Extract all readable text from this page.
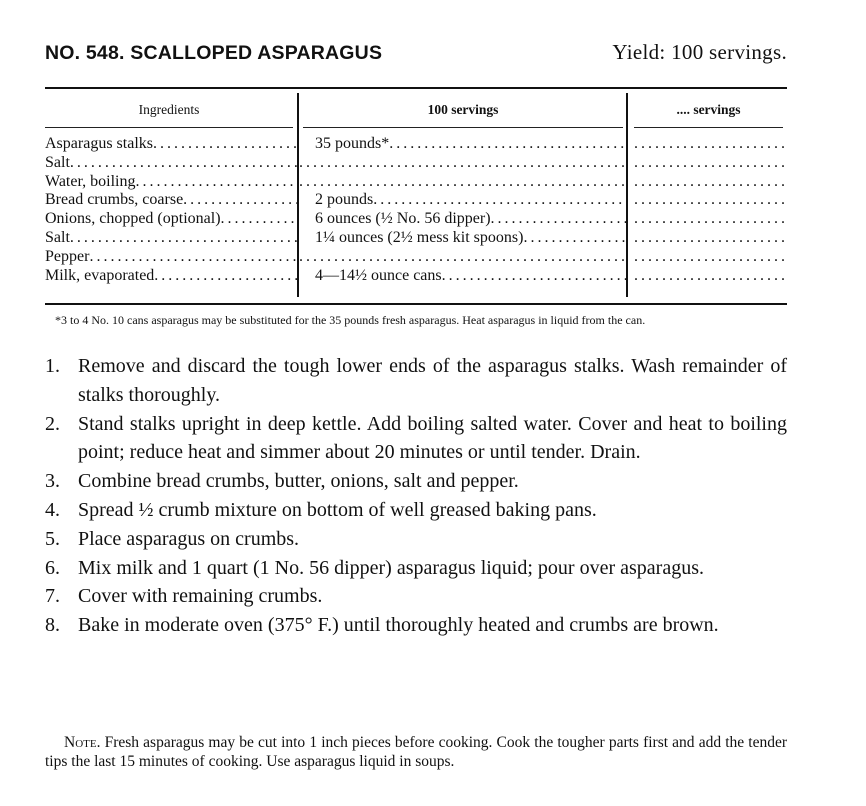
NO. 548. SCALLOPED ASPARAGUS	Yield: 100 servings.
Ingredients
Asparagus stalks
.....
Salt
.....
Water, boiling
.....
Bread crumbs, coarse
.....
Onions, chopped (optional)
.....
Salt
.....
Pepper
.....
Milk, evaporated
.....
100 servings
35 pounds*
.....
.....
.....
2 pounds
.....
6 ounces (½ No. 56 dipper)
.....
1¼ ounces (2½ mess kit spoons)
.....
.....
4—14½ ounce cans
.....
.... servings
.....
.....
.....
.....
.....
.....
.....
.....
*3 to 4 No. 10 cans asparagus may be substituted for the 35 pounds fresh asparagus. Heat asparagus in liquid from the can.
1. Remove and discard the tough lower ends of the asparagus stalks. Wash remainder of stalks thoroughly.
2. Stand stalks upright in deep kettle. Add boiling salted water. Cover and heat to boiling point; reduce heat and simmer about 20 minutes or until tender. Drain.
3. Combine bread crumbs, butter, onions, salt and pepper.
4. Spread ½ crumb mixture on bottom of well greased baking pans.
5. Place asparagus on crumbs.
6. Mix milk and 1 quart (1 No. 56 dipper) asparagus liquid; pour over asparagus.
7. Cover with remaining crumbs.
8. Bake in moderate oven (375° F.) until thoroughly heated and crumbs are brown.
Note. Fresh asparagus may be cut into 1 inch pieces before cooking. Cook the tougher parts first and add the tender tips the last 15 minutes of cooking. Use asparagus liquid in soups.
